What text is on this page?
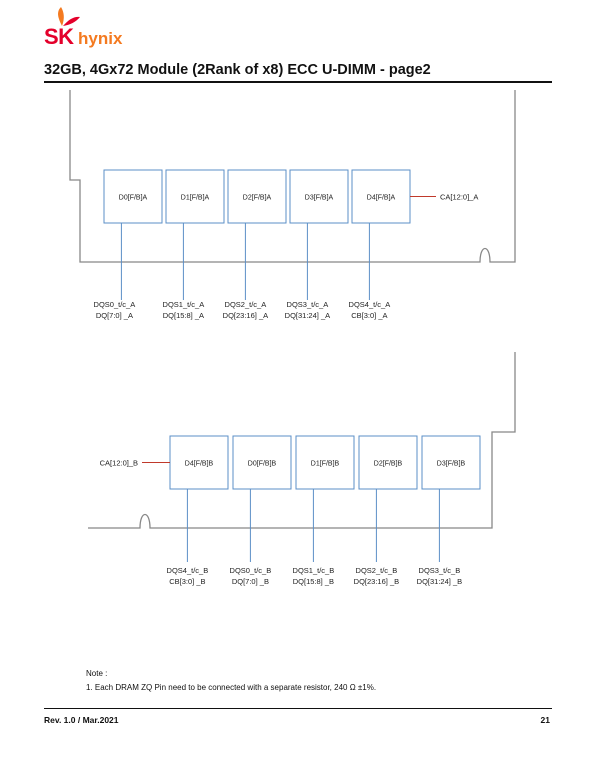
SK hynix
32GB, 4Gx72 Module (2Rank of x8) ECC U-DIMM - page2
D0[F/B]A
DQS0_t/c_A
DQ[7:0] _A
D1[F/B]A
DQS1_t/c_A
DQ[15:8] _A
D2[F/B]A
DQS2_t/c_A
DQ[23:16] _A
D3[F/B]A
DQS3_t/c_A
DQ[31:24] _A
D4[F/B]A
DQS4_t/c_A
CB[3:0] _A
CA[12:0]_A
D4[F/B]B
DQS4_t/c_B
CB[3:0] _B
D0[F/B]B
DQS0_t/c_B
DQ[7:0] _B
D1[F/B]B
DQS1_t/c_B
DQ[15:8] _B
D2[F/B]B
DQS2_t/c_B
DQ[23:16] _B
D3[F/B]B
DQS3_t/c_B
DQ[31:24] _B
CA[12:0]_B
Note :
1. Each DRAM ZQ Pin need to be connected with a separate resistor, 240 Ω ±1%.
Rev. 1.0 / Mar.2021	21
